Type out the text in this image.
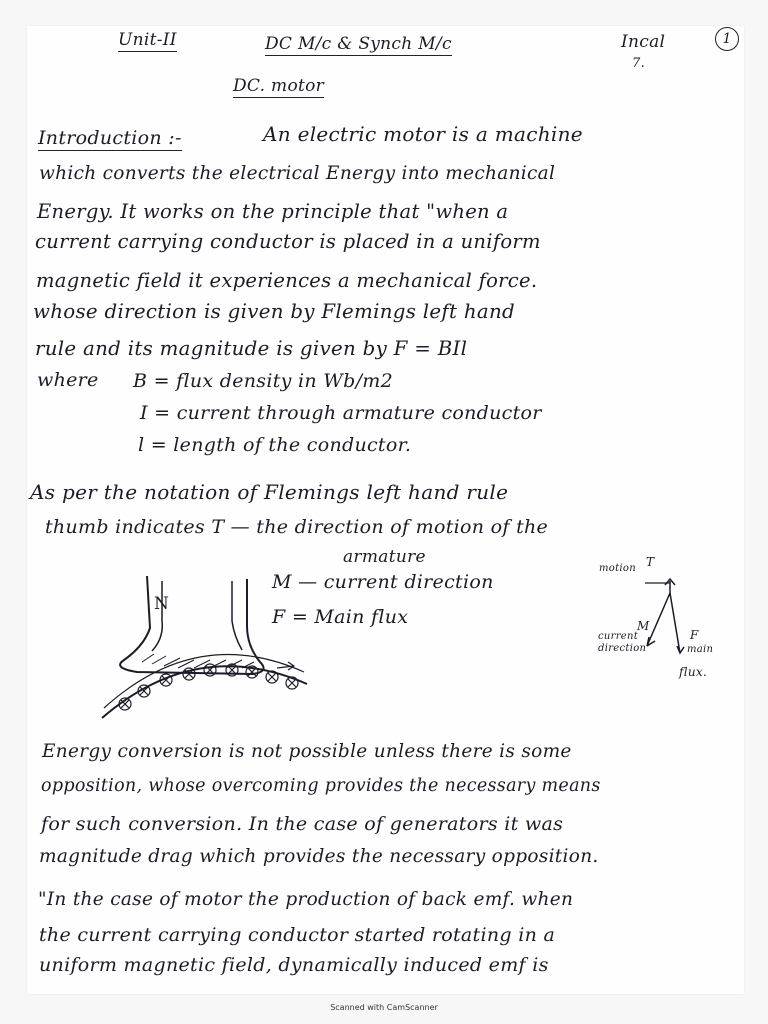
Unit-II	DC M/c & Synch M/c	Incal
7.
1
DC. motor
Introduction :-	An electric motor is a machine
which converts the electrical Energy into mechanical
Energy. It works on the principle that "when a
current carrying conductor is placed in a uniform
magnetic field it experiences a mechanical force.
whose direction is given by Flemings left hand
rule and its magnitude is given by F = BIl
where B = flux density in Wb/m2
I = current through armature conductor
l = length of the conductor.
As per the notation of Flemings left hand rule
thumb indicates T — the direction of motion of the
armature
M — current direction
F = Main flux
N
motion T
M
current
direction
F
main
flux.
Energy conversion is not possible unless there is some
opposition, whose overcoming provides the necessary means
for such conversion. In the case of generators it was
magnitude drag which provides the necessary opposition.
"In the case of motor the production of back emf. when
the current carrying conductor started rotating in a
uniform magnetic field, dynamically induced emf is
Scanned with CamScanner
